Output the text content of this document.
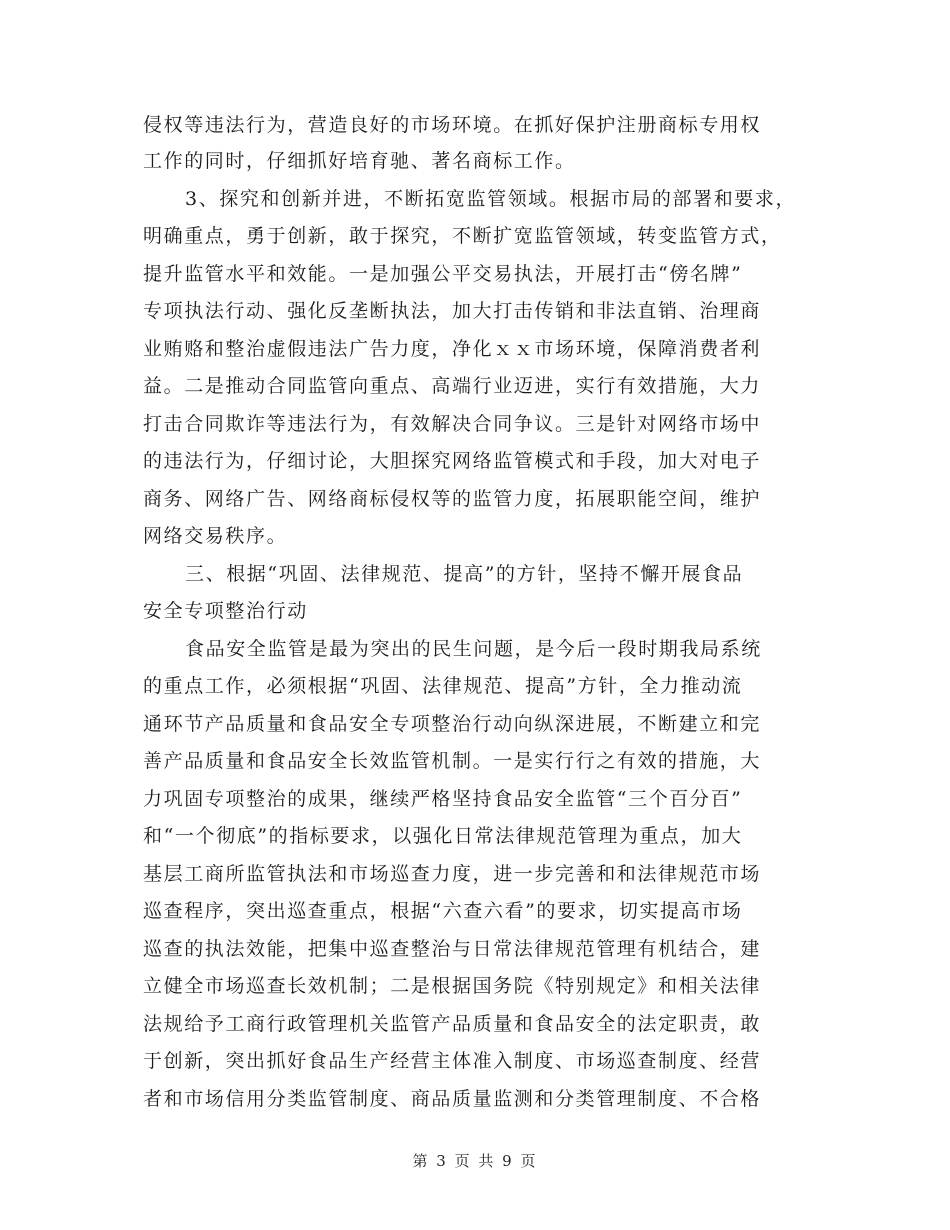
侵权等违法行为，营造良好的市场环境。在抓好保护注册商标专用权
工作的同时，仔细抓好培育驰、著名商标工作。
3、探究和创新并进，不断拓宽监管领域。根据市局的部署和要求，
明确重点，勇于创新，敢于探究，不断扩宽监管领域，转变监管方式，
提升监管水平和效能。一是加强公平交易执法，开展打击“傍名牌”
专项执法行动、强化反垄断执法，加大打击传销和非法直销、治理商
业贿赂和整治虚假违法广告力度，净化ｘｘ市场环境，保障消费者利
益。二是推动合同监管向重点、高端行业迈进，实行有效措施，大力
打击合同欺诈等违法行为，有效解决合同争议。三是针对网络市场中
的违法行为，仔细讨论，大胆探究网络监管模式和手段，加大对电子
商务、网络广告、网络商标侵权等的监管力度，拓展职能空间，维护
网络交易秩序。
三、根据“巩固、法律规范、提高”的方针，坚持不懈开展食品
安全专项整治行动
食品安全监管是最为突出的民生问题，是今后一段时期我局系统
的重点工作，必须根据“巩固、法律规范、提高”方针，全力推动流
通环节产品质量和食品安全专项整治行动向纵深进展，不断建立和完
善产品质量和食品安全长效监管机制。一是实行行之有效的措施，大
力巩固专项整治的成果，继续严格坚持食品安全监管“三个百分百”
和“一个彻底”的指标要求，以强化日常法律规范管理为重点，加大
基层工商所监管执法和市场巡查力度，进一步完善和和法律规范市场
巡查程序，突出巡查重点，根据“六查六看”的要求，切实提高市场
巡查的执法效能，把集中巡查整治与日常法律规范管理有机结合，建
立健全市场巡查长效机制；二是根据国务院《特别规定》和相关法律
法规给予工商行政管理机关监管产品质量和食品安全的法定职责，敢
于创新，突出抓好食品生产经营主体准入制度、市场巡查制度、经营
者和市场信用分类监管制度、商品质量监测和分类管理制度、不合格
第 3 页 共 9 页
